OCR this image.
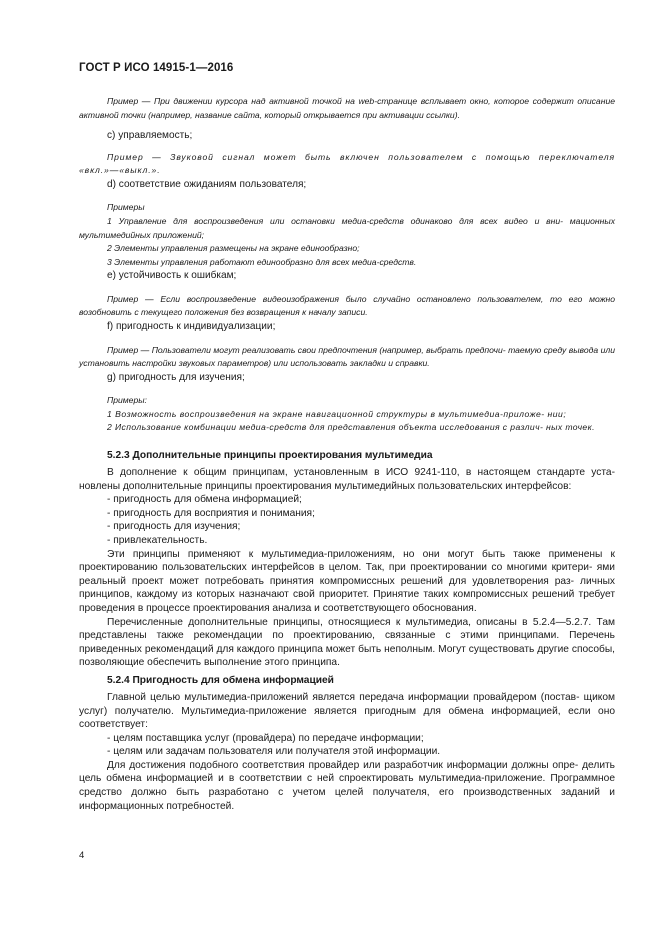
ГОСТ Р ИСО 14915-1—2016

Пример — При движении курсора над активной точкой на web-странице всплывает окно, которое содержит описание активной точки (например, название сайта, который открывается при активации ссылки).

c) управляемость;

Пример — Звуковой сигнал может быть включен пользователем с помощью переключателя «вкл.»—«выкл.».

d) соответствие ожиданиям пользователя;

Примеры

1 Управление для воспроизведения или остановки медиа-средств одинаково для всех видео и вни- мационных мультимедийных приложений;

2 Элементы управления размещены на экране единообразно;

3 Элементы управления работают единообразно для всех медиа-средств.

e) устойчивость к ошибкам;

Пример — Если воспроизведение видеоизображения было случайно остановлено пользователем, то его можно возобновить с текущего положения без возвращения к началу записи.

f) пригодность к индивидуализации;

Пример — Пользователи могут реализовать свои предпочтения (например, выбрать предпочи- таемую среду вывода или установить настройки звуковых параметров) или использовать закладки и справки.

g) пригодность для изучения;

Примеры:

1 Возможность воспроизведения на экране навигационной структуры в мультимедиа-приложе- нии;

2 Использование комбинации медиа-средств для представления объекта исследования с различ- ных точек.

5.2.3 Дополнительные принципы проектирования мультимедиа

В дополнение к общим принципам, установленным в ИСО 9241-110, в настоящем стандарте уста- новлены дополнительные принципы проектирования мультимедийных пользовательских интерфейсов:

- пригодность для обмена информацией;

- пригодность для восприятия и понимания;

- пригодность для изучения;

- привлекательность.

Эти принципы применяют к мультимедиа-приложениям, но они могут быть также применены к проектированию пользовательских интерфейсов в целом. Так, при проектировании со многими критери- ями реальный проект может потребовать принятия компромиссных решений для удовлетворения раз- личных принципов, каждому из которых назначают свой приоритет. Принятие таких компромиссных решений требует проведения в процессе проектирования анализа и соответствующего обоснования.

Перечисленные дополнительные принципы, относящиеся к мультимедиа, описаны в 5.2.4—5.2.7. Там представлены также рекомендации по проектированию, связанные с этими принципами. Перечень приведенных рекомендаций для каждого принципа может быть неполным. Могут существовать другие способы, позволяющие обеспечить выполнение этого принципа.

5.2.4 Пригодность для обмена информацией

Главной целью мультимедиа-приложений является передача информации провайдером (постав- щиком услуг) получателю. Мультимедиа-приложение является пригодным для обмена информацией, если оно соответствует:

- целям поставщика услуг (провайдера) по передаче информации;

- целям или задачам пользователя или получателя этой информации.

Для достижения подобного соответствия провайдер или разработчик информации должны опре- делить цель обмена информацией и в соответствии с ней спроектировать мультимедиа-приложение. Программное средство должно быть разработано с учетом целей получателя, его производственных заданий и информационных потребностей.

4
